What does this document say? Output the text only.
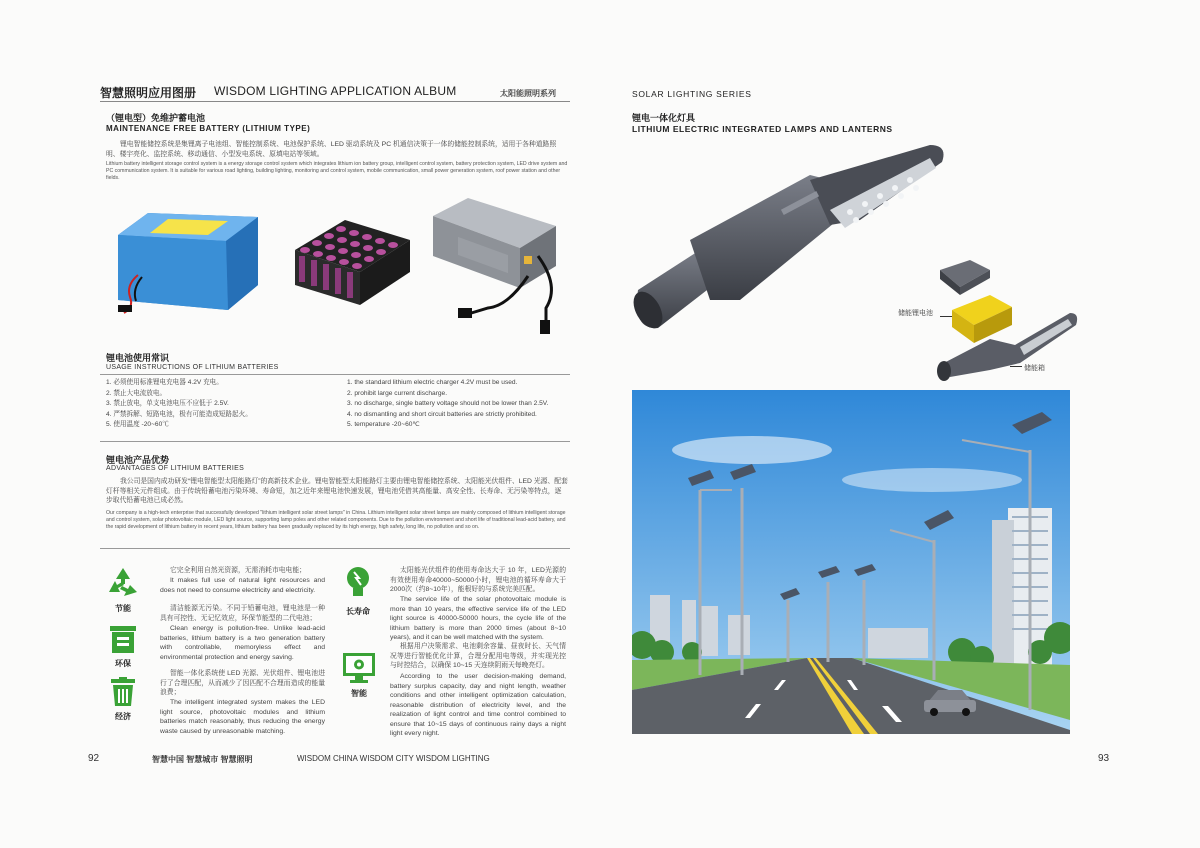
智慧照明应用图册 WISDOM LIGHTING APPLICATION ALBUM	太阳能照明系列
（锂电型）免维护蓄电池
MAINTENANCE FREE BATTERY (LITHIUM TYPE)
锂电智能储控系统是集锂离子电池组、智能控制系统、电池保护系统、LED 驱动系统及 PC 机通信决策于一体的储能控制系统，适用于各种道路照明、楼宇亮化、监控系统、移动通信、小型发电系统、原填电站等领域。
Lithium battery intelligent storage control system is a energy storage control system which integrates lithium ion battery group, intelligent control system, battery protection system, LED drive system and PC communication system. It is suitable for various road lighting, building lighting, monitoring and control system, mobile communication, small power generation system, roof power station and other fields.
锂电池使用常识
USAGE INSTRUCTIONS OF LITHIUM BATTERIES
1. 必须使用标准锂电充电器 4.2V 充电。
2. 禁止大电流放电。
3. 禁止放电，单支电池电压不应低于 2.5V.
4. 严禁拆解、短路电池，极有可能造成短路起火。
5. 使用温度 -20~60℃
1. the standard lithium electric charger 4.2V must be used.
2. prohibit large current discharge.
3. no discharge, single battery voltage should not be lower than 2.5V.
4. no dismantling and short circuit batteries are strictly prohibited.
5. temperature -20~60℃
锂电池产品优势
ADVANTAGES OF LITHIUM BATTERIES
我公司是国内成功研发“锂电智能型太阳能路灯”的高新技术企业。锂电智能型太阳能路灯主要由锂电智能储控系统、太阳能光伏组件、LED 光源、配套灯杆等相关元件组成。由于传统铅蓄电池污染环境、寿命短，加之近年来锂电池快速发展，锂电池凭借其高能量、高安全性、长寿命、无污染等特点，逐步取代铅蓄电池已成必然。
Our company is a high-tech enterprise that successfully developed "lithium intelligent solar street lamps" in China. Lithium intelligent solar street lamps are mainly composed of lithium intelligent storage and control system, solar photovoltaic module, LED light source, supporting lamp poles and other related components. Due to the pollution environment and short life of traditional lead-acid battery, and the rapid development of lithium battery in recent years, lithium battery has been gradually replaced by its high energy, high safety, long life, no pollution and so on.
节能
环保
经济
它完全利用自然光资源，无需消耗市电电能；
It makes full use of natural light resources and does not need to consume electricity and electricity.
清洁能源无污染。不同于铅蓄电池，锂电池是一种具有可控性、无记忆效应，环保节能型的二代电池；
Clean energy is pollution-free. Unlike lead-acid batteries, lithium battery is a two generation battery with controllable, memoryless effect and environmental protection and energy saving.
智能一体化系统使 LED 光源、光伏组件、锂电池进行了合理匹配，从而减少了因匹配不合理而造成的能量浪费；
The intelligent integrated system makes the LED light source, photovoltaic modules and lithium batteries match reasonably, thus reducing the energy waste caused by unreasonable matching.
长寿命
智能
太阳能光伏组件的使用寿命达大于 10 年，LED光源的有效使用寿命40000~50000小时，锂电池的循环寿命大于2000次（约8~10年），能根好的与系统完美匹配。
The service life of the solar photovoltaic module is more than 10 years, the effective service life of the LED light source is 40000-50000 hours, the cycle life of the lithium battery is more than 2000 times (about 8~10 years), and it can be well matched with the system.
根据用户决策需求、电池剩余容量、昼夜时长、天气情况等进行智能优化计算，合理分配用电等级，并实现光控与时控结合，以确保 10~15 天连续阴雨天每晚亮灯。
According to the user decision-making demand, battery surplus capacity, day and night length, weather conditions and other intelligent optimization calculation, reasonable distribution of electricity level, and the realization of light control and time control combined to ensure that 10~15 days of continuous rainy days a night light every night.
92	智慧中国 智慧城市 智慧照明	WISDOM CHINA WISDOM CITY WISDOM LIGHTING
SOLAR LIGHTING SERIES
锂电一体化灯具
LITHIUM ELECTRIC INTEGRATED LAMPS AND LANTERNS
储能锂电池
储能箱
93
